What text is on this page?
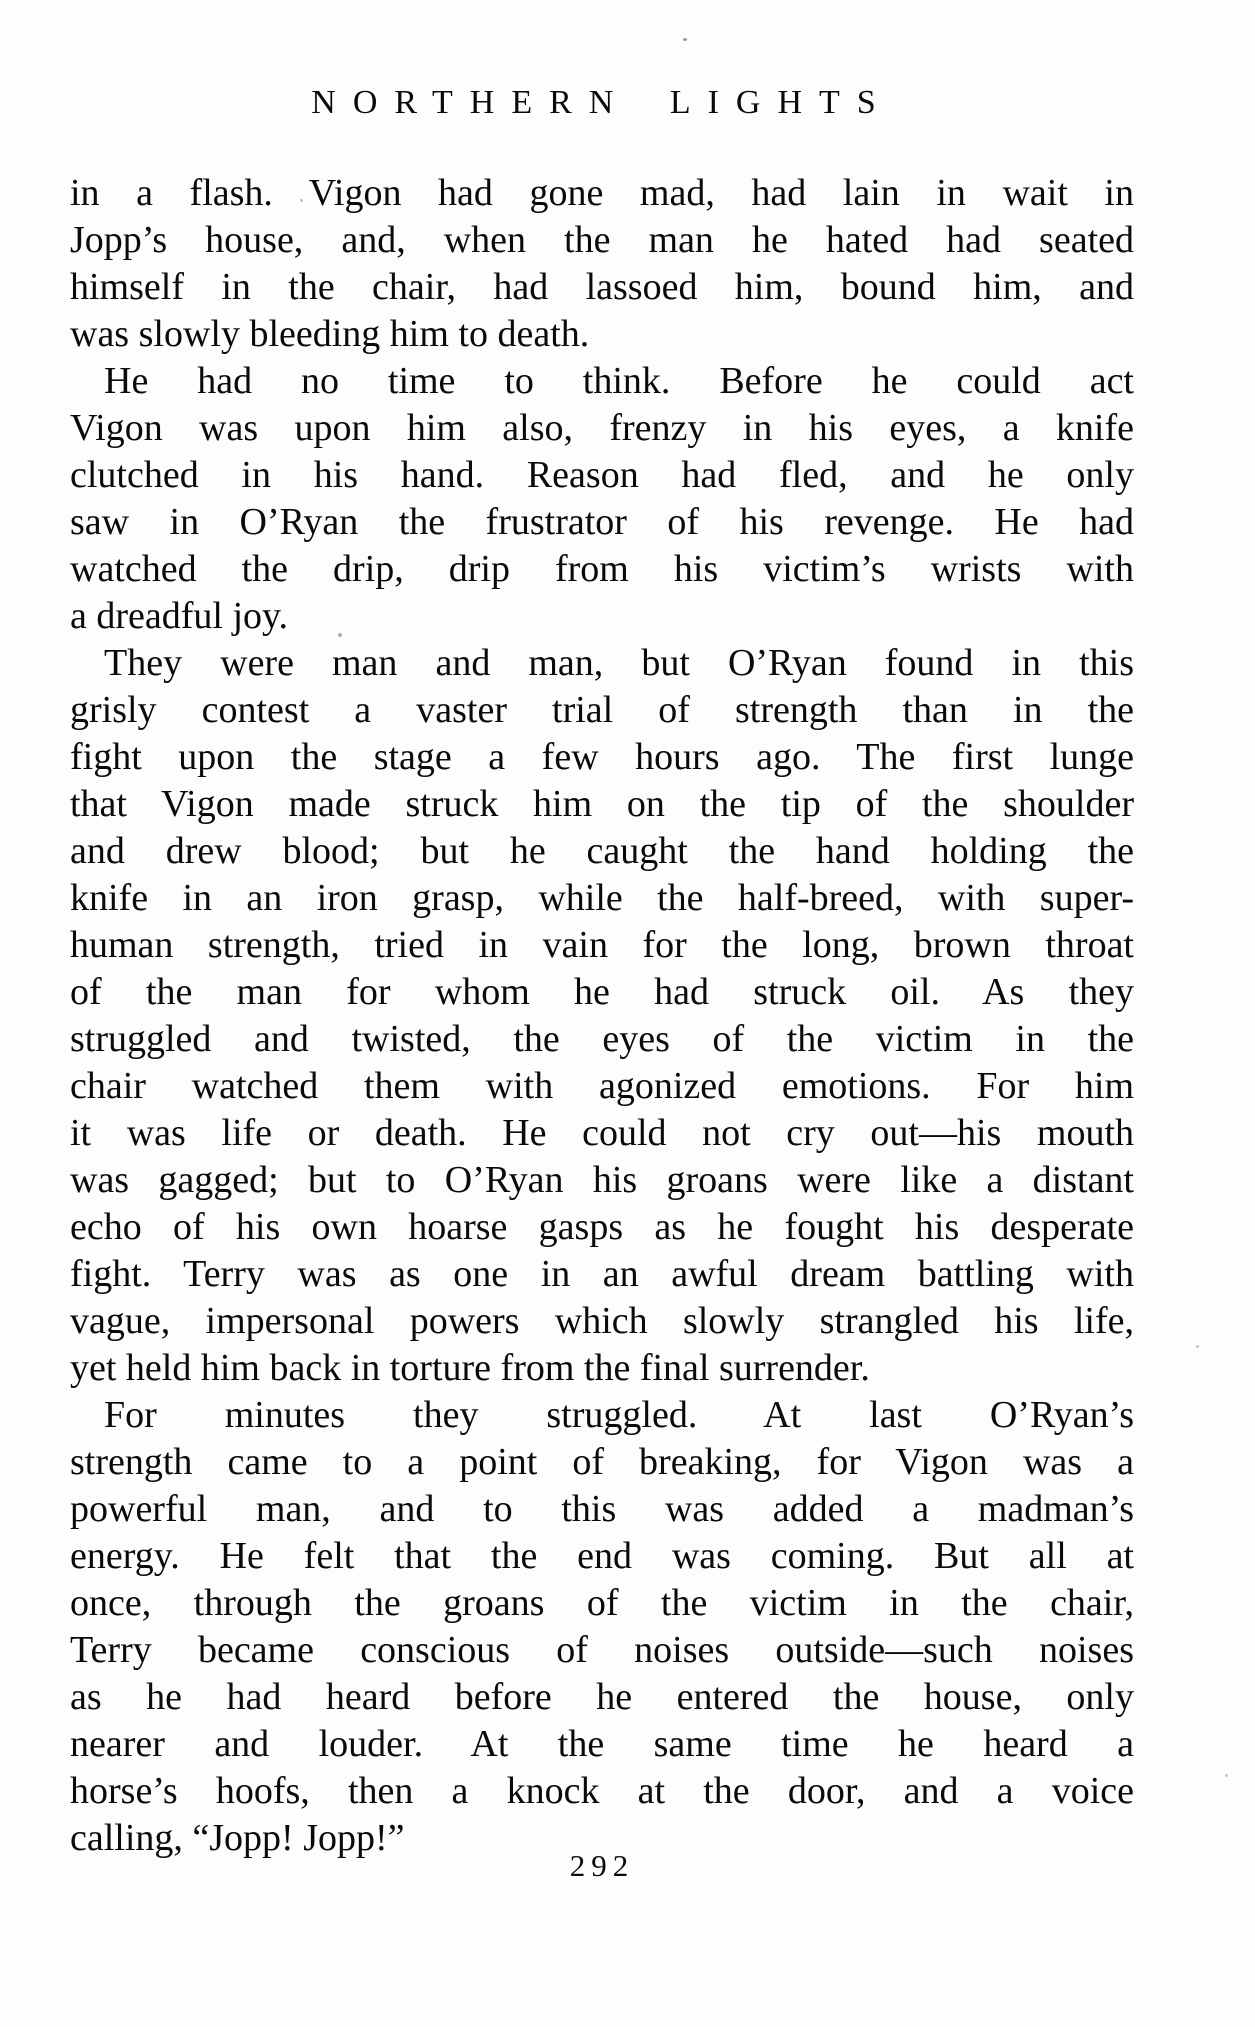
NORTHERN LIGHTS
in a flash. Vigon had gone mad, had lain in wait in
Jopp’s house, and, when the man he hated had seated
himself in the chair, had lassoed him, bound him, and
was slowly bleeding him to death.
He had no time to think. Before he could act
Vigon was upon him also, frenzy in his eyes, a knife
clutched in his hand. Reason had fled, and he only
saw in O’Ryan the frustrator of his revenge. He had
watched the drip, drip from his victim’s wrists with
a dreadful joy.
They were man and man, but O’Ryan found in this
grisly contest a vaster trial of strength than in the
fight upon the stage a few hours ago. The first lunge
that Vigon made struck him on the tip of the shoulder
and drew blood; but he caught the hand holding the
knife in an iron grasp, while the half-breed, with super-
human strength, tried in vain for the long, brown throat
of the man for whom he had struck oil. As they
struggled and twisted, the eyes of the victim in the
chair watched them with agonized emotions. For him
it was life or death. He could not cry out—his mouth
was gagged; but to O’Ryan his groans were like a distant
echo of his own hoarse gasps as he fought his desperate
fight. Terry was as one in an awful dream battling with
vague, impersonal powers which slowly strangled his life,
yet held him back in torture from the final surrender.
For minutes they struggled. At last O’Ryan’s
strength came to a point of breaking, for Vigon was a
powerful man, and to this was added a madman’s
energy. He felt that the end was coming. But all at
once, through the groans of the victim in the chair,
Terry became conscious of noises outside—such noises
as he had heard before he entered the house, only
nearer and louder. At the same time he heard a
horse’s hoofs, then a knock at the door, and a voice
calling, “Jopp! Jopp!”
292
